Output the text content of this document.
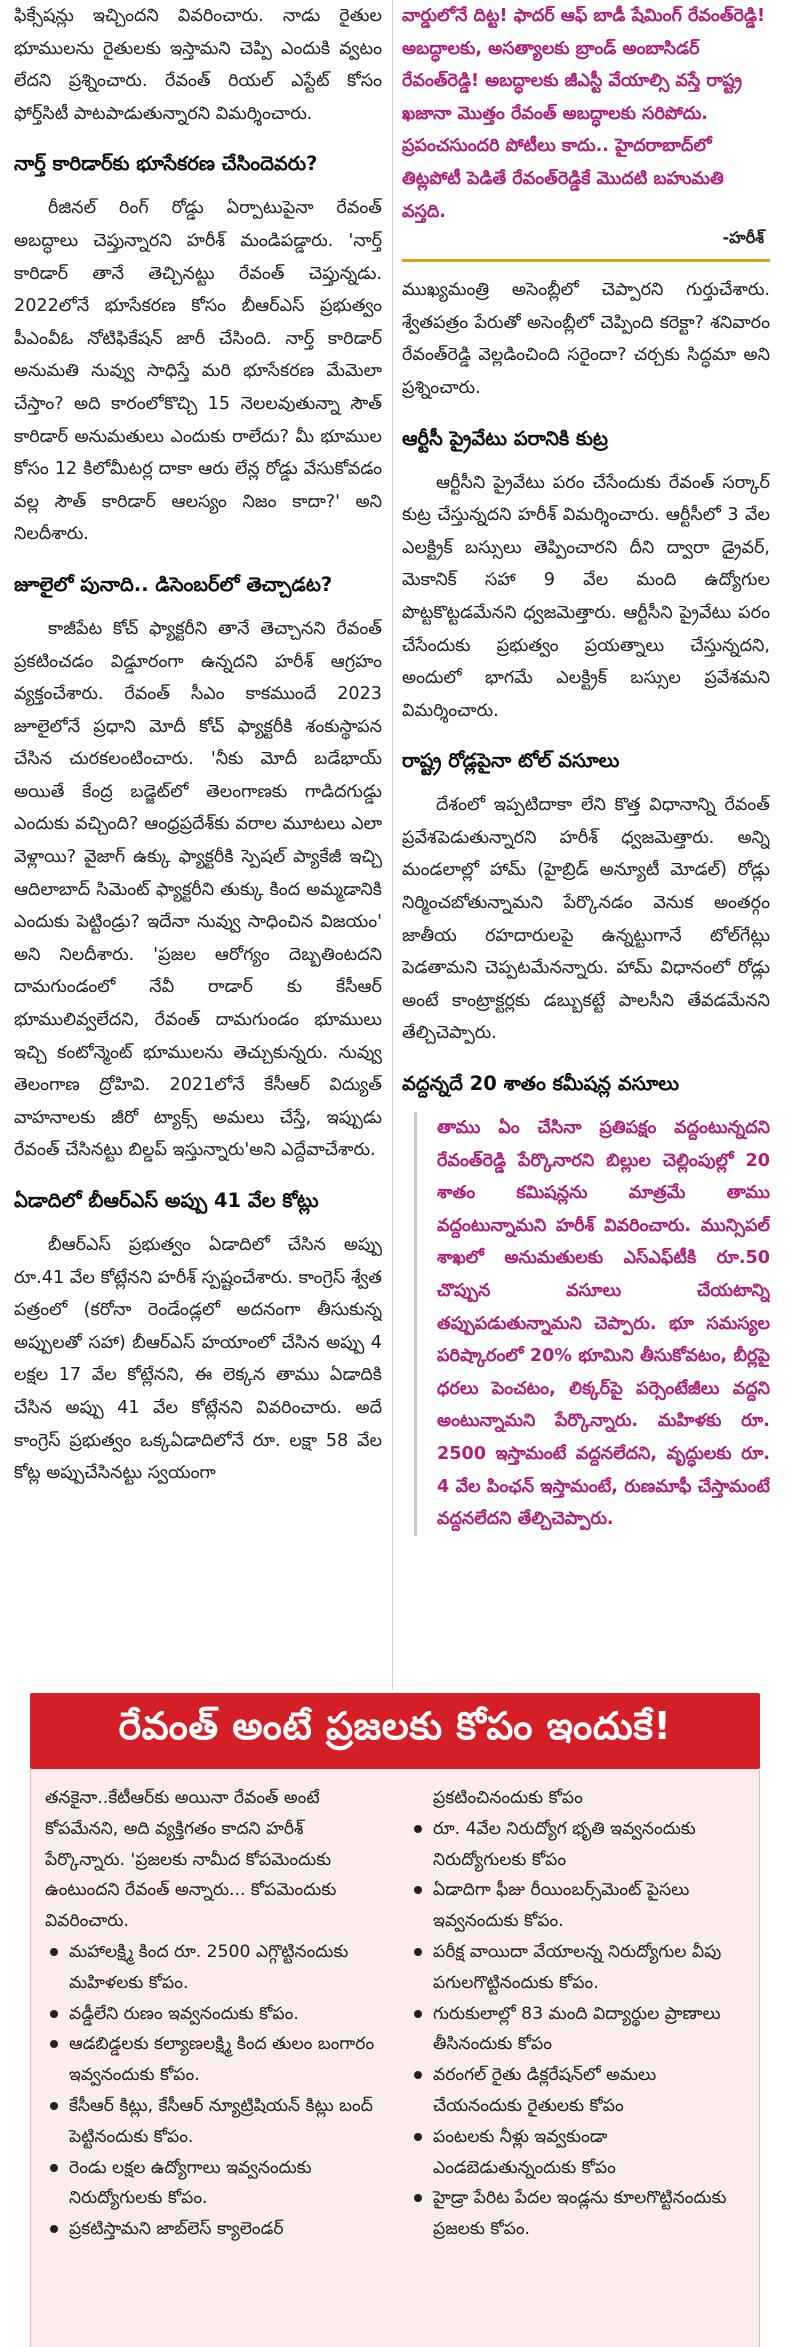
ఫిక్సేషన్లు ఇచ్చిందని వివరించారు. నాడు రైతుల భూములను రైతులకు ఇస్తామని చెప్పి ఎందుకి వ్వటం లేదని ప్రశ్నించారు. రేవంత్ రియల్ ఎస్టేట్ కోసం ఫోర్త్‌సిటీ పాటపాడుతున్నారని విమర్శించారు.

నార్త్ కారిడార్‌కు భూసేకరణ చేసిందెవరు?

రీజినల్ రింగ్ రోడ్డు ఏర్పాటుపైనా రేవంత్ అబద్ధాలు చెప్తున్నారని హరీశ్ మండిపడ్డారు. 'నార్త్ కారిడార్ తానే తెచ్చినట్టు రేవంత్ చెప్తున్నడు. 2022లోనే భూసేకరణ కోసం బీఆర్ఎస్ ప్రభుత్వం పీఎంవీఓ నోటిఫికేషన్ జారీ చేసింది. నార్త్ కారిడార్ అనుమతి నువ్వు సాధిస్తే మరి భూసేకరణ మేమెలా చేస్తాం? అది కారంలోకొచ్చి 15 నెలలవుతున్నా సౌత్ కారిడార్ అనుమతులు ఎందుకు రాలేదు? మీ భూముల కోసం 12 కిలోమీటర్ల దాకా ఆరు లేన్ల రోడ్డు వేసుకోవడం వల్ల సౌత్ కారిడార్ ఆలస్యం నిజం కాదా?' అని నిలదీశారు.

జూలైలో పునాది.. డిసెంబర్‌లో తెచ్చాడట?

కాజీపేట కోచ్ ఫ్యాక్టరీని తానే తెచ్చానని రేవంత్ ప్రకటించడం విడ్డూరంగా ఉన్నదని హరీశ్ ఆగ్రహం వ్యక్తంచేశారు. రేవంత్ సీఎం కాకముందే 2023 జూలైలోనే ప్రధాని మోదీ కోచ్ ఫ్యాక్టరీకి శంకుస్థాపన చేసిన చురకలంటించారు. 'నీకు మోదీ బడేభాయ్ అయితే కేంద్ర బడ్జెట్‌లో తెలంగాణకు గాడిదగుడ్డు ఎందుకు వచ్చింది? ఆంధ్రప్రదేశ్‌కు వరాల మూటలు ఎలా వెళ్లాయి? వైజాగ్ ఉక్కు ఫ్యాక్టరీకి స్పెషల్ ప్యాకేజీ ఇచ్చి ఆదిలాబాద్ సిమెంట్ ఫ్యాక్టరీని తుక్కు కింద అమ్మడానికి ఎందుకు పెట్టిండ్రు? ఇదేనా నువ్వు సాధించిన విజయం' అని నిలదీశారు. 'ప్రజల ఆరోగ్యం దెబ్బతింటదని దామగుండంలో నేవీ రాడార్ కు కేసీఆర్ భూములివ్వలేదని, రేవంత్ దామగుండం భూములు ఇచ్చి కంటోన్మెంట్ భూములను తెచ్చుకున్నరు. నువ్వు తెలంగాణ ద్రోహివి. 2021లోనే కేసీఆర్ విద్యుత్ వాహనాలకు జీరో ట్యాక్స్ అమలు చేస్తే, ఇప్పుడు రేవంత్ చేసినట్టు బిల్డప్ ఇస్తున్నారు'అని ఎద్దేవాచేశారు.

ఏడాదిలో బీఆర్ఎస్ అప్పు 41 వేల కోట్లు

బీఆర్ఎస్ ప్రభుత్వం ఏడాదిలో చేసిన అప్పు రూ.41 వేల కోట్లేనని హరీశ్ స్పష్టంచేశారు. కాంగ్రెస్ శ్వేత పత్రంలో (కరోనా రెండేండ్లలో అదనంగా తీసుకున్న అప్పులతో సహా) బీఆర్ఎస్ హయాంలో చేసిన అప్పు 4 లక్షల 17 వేల కోట్లేనని, ఈ లెక్కన తాము ఏడాదికి చేసిన అప్పు 41 వేల కోట్లేనని వివరించారు. అదే కాంగ్రెస్ ప్రభుత్వం ఒక్కఏడాదిలోనే రూ. లక్షా 58 వేల కోట్ల అప్పుచేసినట్టు స్వయంగా

వార్డులోనే దిట్ట! ఫాదర్ ఆఫ్ బాడీ షేమింగ్ రేవంత్‌రెడ్డి! అబద్ధాలకు, అసత్యాలకు బ్రాండ్ అంబాసిడర్ రేవంత్‌రెడ్డి! అబద్ధాలకు జీఎస్టీ వేయాల్సి వస్తే రాష్ట్ర ఖజానా మొత్తం రేవంత్ అబద్ధాలకు సరిపోదు. ప్రపంచసుందరి పోటీలు కాదు.. హైదరాబాద్‌లో తిట్లపోటీ పెడితే రేవంత్‌రెడ్డికే మొదటి బహుమతి వస్తది.

-హరీశ్

ముఖ్యమంత్రి అసెంబ్లీలో చెప్పారని గుర్తుచేశారు. శ్వేతపత్రం పేరుతో అసెంబ్లీలో చెప్పింది కరెక్టా? శనివారం రేవంత్‌రెడ్డి వెల్లడించింది సరైందా? చర్చకు సిద్ధమా అని ప్రశ్నించారు.

ఆర్టీసీ ప్రైవేటు పరానికి కుట్ర

ఆర్టీసీని ప్రైవేటు పరం చేసేందుకు రేవంత్ సర్కార్ కుట్ర చేస్తున్నదని హరీశ్ విమర్శించారు. ఆర్టీసీలో 3 వేల ఎలక్ట్రిక్ బస్సులు తెప్పించారని దీని ద్వారా డ్రైవర్, మెకానిక్ సహా 9 వేల మంది ఉద్యోగుల పొట్టకొట్టడమేనని ధ్వజమెత్తారు. ఆర్టీసీని ప్రైవేటు పరం చేసేందుకు ప్రభుత్వం ప్రయత్నాలు చేస్తున్నదని, అందులో భాగమే ఎలక్ట్రిక్ బస్సుల ప్రవేశమని విమర్శించారు.

రాష్ట్ర రోడ్లపైనా టోల్ వసూలు

దేశంలో ఇప్పటిదాకా లేని కొత్త విధానాన్ని రేవంత్ ప్రవేశపెడుతున్నారని హరీశ్ ధ్వజమెత్తారు. అన్ని మండలాల్లో హామ్ (హైబ్రిడ్ అన్యూటీ మోడల్) రోడ్లు నిర్మించబోతున్నామని పేర్కొనడం వెనుక అంతర్గం జాతీయ రహదారులపై ఉన్నట్టుగానే టోల్‌గేట్లు పెడతామని చెప్పటమేనన్నారు. హామ్ విధానంలో రోడ్లు అంటే కాంట్రాక్టర్లకు డబ్బుకట్టే పాలసీని తేవడమేనని తేల్చిచెప్పారు.

వద్దన్నదే 20 శాతం కమీషన్ల వసూలు

తాము ఏం చేసినా ప్రతిపక్షం వద్దంటున్నదని రేవంత్‌రెడ్డి పేర్కొనారని బిల్లుల చెల్లింపుల్లో 20 శాతం కమిషన్లను మాత్రమే తాము వద్దంటున్నామని హరీశ్ వివరించారు. మున్సిపల్ శాఖలో అనుమతులకు ఎస్ఎఫ్‌టీకి రూ.50 చొప్పున వసూలు చేయటాన్ని తప్పుపడుతున్నామని చెప్పారు. భూ సమస్యల పరిష్కారంలో 20% భూమిని తీసుకోవటం, బీర్లపై ధరలు పెంచటం, లిక్కర్‌పై పర్సెంటేజీలు వద్దని అంటున్నామని పేర్కొన్నారు. మహిళకు రూ. 2500 ఇస్తామంటే వద్దనలేదని, వృద్ధులకు రూ. 4 వేల పింఛన్ ఇస్తామంటే, రుణమాఫీ చేస్తామంటే వద్దనలేదని తేల్చిచెప్పారు.

రేవంత్ అంటే ప్రజలకు కోపం ఇందుకే!

తనకైనా..కేటీఆర్‌కు అయినా రేవంత్ అంటే కోపమేనని, అది వ్యక్తిగతం కాదని హరీశ్ పేర్కొన్నారు. 'ప్రజలకు నామీద కోపమెందుకు ఉంటుందని రేవంత్ అన్నారు... కోపమెందుకు వివరించారు.

మహాలక్ష్మి కింద రూ. 2500 ఎగ్గొట్టినందుకు మహిళలకు కోపం.
వడ్డీలేని రుణం ఇవ్వనందుకు కోపం.
ఆడబిడ్డలకు కల్యాణలక్ష్మి కింద తులం బంగారం ఇవ్వనందుకు కోపం.
కేసీఆర్ కిట్లు, కేసీఆర్ న్యూట్రిషియన్ కిట్లు బంద్ పెట్టినందుకు కోపం.
రెండు లక్షల ఉద్యోగాలు ఇవ్వనందుకు నిరుద్యోగులకు కోపం.
ప్రకటిస్తామని జాబ్‌లెస్ క్యాలెండర్
ప్రకటించినందుకు కోపం
రూ. 4వేల నిరుద్యోగ భృతి ఇవ్వనందుకు నిరుద్యోగులకు కోపం
ఏడాదిగా ఫీజు రీయింబర్స్‌మెంట్ పైసలు ఇవ్వనందుకు కోపం.
పరీక్ష వాయిదా వేయాలన్న నిరుద్యోగుల వీపు పగులగొట్టినందుకు కోపం.
గురుకులాల్లో 83 మంది విద్యార్థుల ప్రాణాలు తీసినందుకు కోపం
వరంగల్ రైతు డిక్లరేషన్‌లో అమలు చేయనందుకు రైతులకు కోపం
పంటలకు నీళ్లు ఇవ్వకుండా ఎండబెడుతున్నందుకు కోపం
హైడ్రా పేరిట పేదల ఇండ్లను కూలగొట్టినందుకు ప్రజలకు కోపం.
